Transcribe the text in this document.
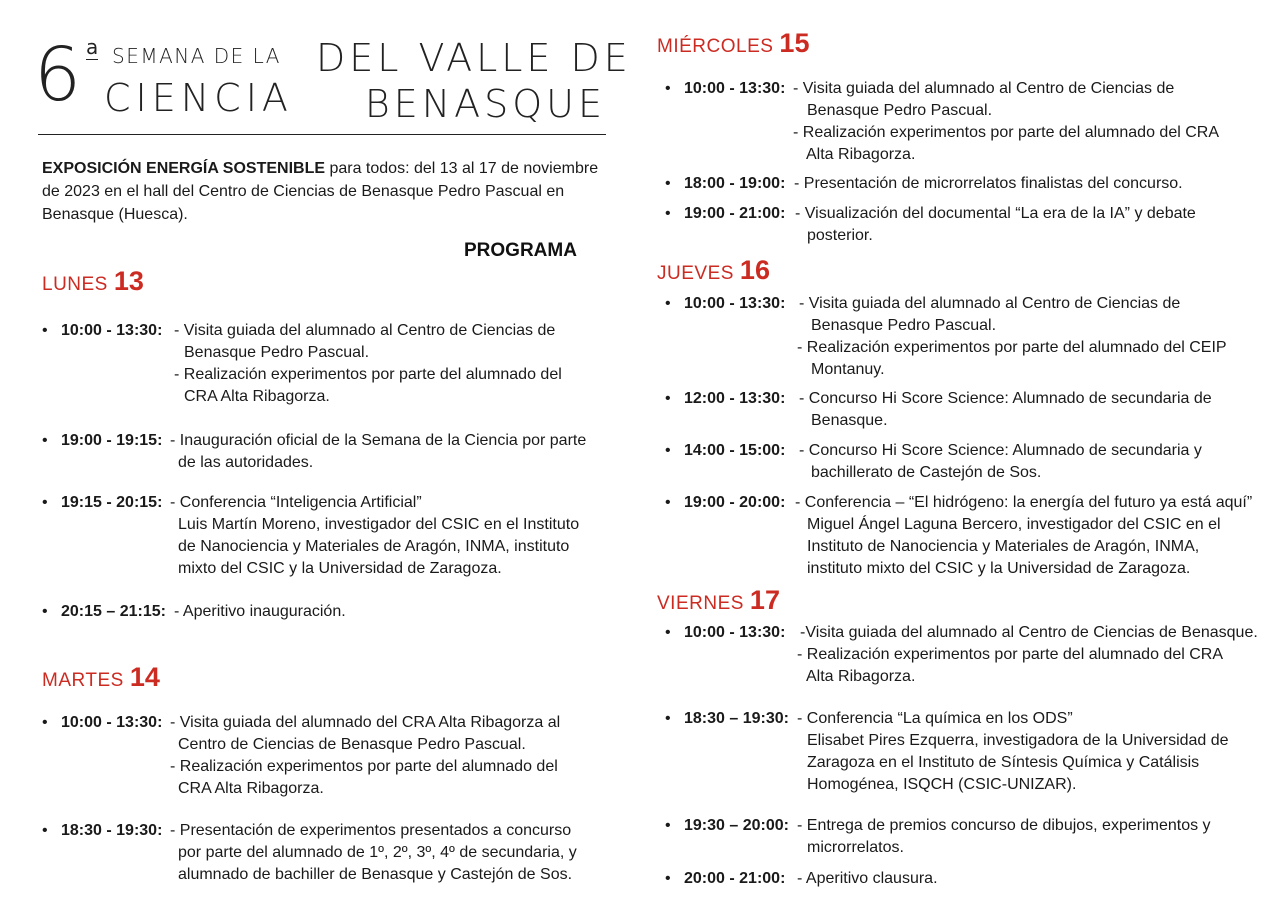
6 a SEMANA DE LA
CIENCIA
DEL VALLE DE
BENASQUE
EXPOSICIÓN ENERGÍA SOSTENIBLE para todos: del 13 al 17 de noviembre
de 2023 en el hall del Centro de Ciencias de Benasque Pedro Pascual en
Benasque (Huesca).
PROGRAMA
LUNES 13
MARTES 14
MIÉRCOLES 15
JUEVES 16
VIERNES 17
• 10:00 - 13:30: - Visita guiada del alumnado al Centro de Ciencias de
Benasque Pedro Pascual.
- Realización experimentos por parte del alumnado del
CRA Alta Ribagorza.
• 19:00 - 19:15: - Inauguración oficial de la Semana de la Ciencia por parte
de las autoridades.
• 19:15 - 20:15: - Conferencia “Inteligencia Artificial”
Luis Martín Moreno, investigador del CSIC en el Instituto
de Nanociencia y Materiales de Aragón, INMA, instituto
mixto del CSIC y la Universidad de Zaragoza.
• 20:15 – 21:15: - Aperitivo inauguración.
• 10:00 - 13:30: - Visita guiada del alumnado del CRA Alta Ribagorza al
Centro de Ciencias de Benasque Pedro Pascual.
- Realización experimentos por parte del alumnado del
CRA Alta Ribagorza.
• 18:30 - 19:30: - Presentación de experimentos presentados a concurso
por parte del alumnado de 1º, 2º, 3º, 4º de secundaria, y
alumnado de bachiller de Benasque y Castejón de Sos.
• 10:00 - 13:30: - Visita guiada del alumnado al Centro de Ciencias de
Benasque Pedro Pascual.
- Realización experimentos por parte del alumnado del CRA
Alta Ribagorza.
• 18:00 - 19:00: - Presentación de microrrelatos finalistas del concurso.
• 19:00 - 21:00: - Visualización del documental “La era de la IA” y debate
posterior.
• 10:00 - 13:30: - Visita guiada del alumnado al Centro de Ciencias de
Benasque Pedro Pascual.
- Realización experimentos por parte del alumnado del CEIP
Montanuy.
• 12:00 - 13:30: - Concurso Hi Score Science: Alumnado de secundaria de
Benasque.
• 14:00 - 15:00: - Concurso Hi Score Science: Alumnado de secundaria y
bachillerato de Castejón de Sos.
• 19:00 - 20:00: - Conferencia – “El hidrógeno: la energía del futuro ya está aquí”
Miguel Ángel Laguna Bercero, investigador del CSIC en el
Instituto de Nanociencia y Materiales de Aragón, INMA,
instituto mixto del CSIC y la Universidad de Zaragoza.
• 10:00 - 13:30: -Visita guiada del alumnado al Centro de Ciencias de Benasque.
- Realización experimentos por parte del alumnado del CRA
Alta Ribagorza.
• 18:30 – 19:30: - Conferencia “La química en los ODS”
Elisabet Pires Ezquerra, investigadora de la Universidad de
Zaragoza en el Instituto de Síntesis Química y Catálisis
Homogénea, ISQCH (CSIC-UNIZAR).
• 19:30 – 20:00: - Entrega de premios concurso de dibujos, experimentos y
microrrelatos.
• 20:00 - 21:00: - Aperitivo clausura.
